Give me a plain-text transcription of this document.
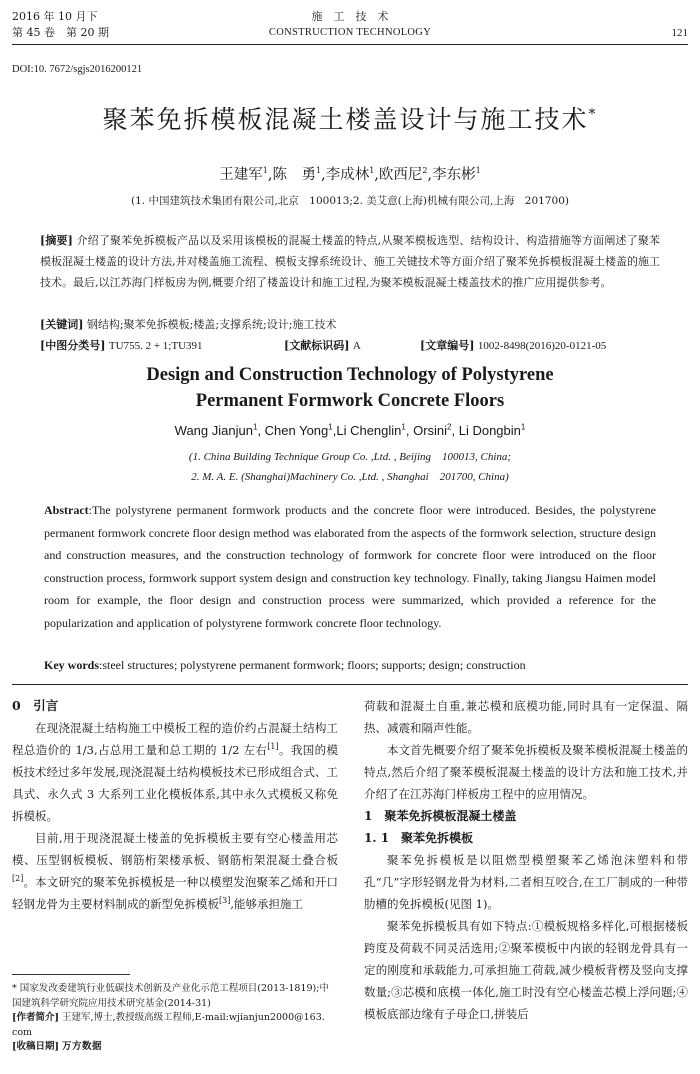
2016 年 10 月下
第 45 卷　第 20 期
施　工　技　术
CONSTRUCTION TECHNOLOGY	121
DOI:10. 7672/sgjs2016200121
聚苯免拆模板混凝土楼盖设计与施工技术*
王建军$^1$,陈　勇$^1$,李成林$^1$,欧西尼$^2$,李东彬$^1$
(1. 中国建筑技术集团有限公司,北京　100013;2. 美艾意(上海)机械有限公司,上海　201700)
[摘要] 介绍了聚苯免拆模板产品以及采用该模板的混凝土楼盖的特点,从聚苯模板选型、结构设计、构造措施等方面阐述了聚苯模板混凝土楼盖的设计方法,并对楼盖施工流程、模板支撑系统设计、施工关键技术等方面介绍了聚苯免拆模板混凝土楼盖的施工技术。最后,以江苏海门样板房为例,概要介绍了楼盖设计和施工过程,为聚苯模板混凝土楼盖技术的推广应用提供参考。
[关键词] 钢结构;聚苯免拆模板;楼盖;支撑系统;设计;施工技术
[中图分类号] TU755. 2 + 1;TU391	[文献标识码] A	[文章编号] 1002-8498(2016)20-0121-05
Design and Construction Technology of Polystyrene
Permanent Formwork Concrete Floors
Wang Jianjun$^1$, Chen Yong$^1$,Li Chenglin$^1$, Orsini$^2$, Li Dongbin$^1$
(1. China Building Technique Group Co. ,Ltd. , Beijing　100013, China;
2. M. A. E. (Shanghai)Machinery Co. ,Ltd. , Shanghai　201700, China)
Abstract:The polystyrene permanent formwork products and the concrete floor were introduced. Besides, the polystyrene permanent formwork concrete floor design method was elaborated from the aspects of the formwork selection, structure design and construction measures, and the construction technology of formwork for concrete floor were introduced on the floor construction process, formwork support system design and construction key technology. Finally, taking Jiangsu Haimen model room for example, the floor design and construction process were summarized, which provided a reference for the popularization and application of polystyrene formwork concrete floor technology.
Key words:steel structures; polystyrene permanent formwork; floors; supports; design; construction

0　引言

在现浇混凝土结构施工中模板工程的造价约占混凝土结构工程总造价的 1/3,占总用工量和总工期的 1/2 左右[1]。我国的模板技术经过多年发展,现浇混凝土结构模板技术已形成组合式、工具式、永久式 3 大系列工业化模板体系,其中永久式模板又称免拆模板。

目前,用于现浇混凝土楼盖的免拆模板主要有空心楼盖用芯模、压型钢板模板、钢筋桁架楼承板、钢筋桁架混凝土叠合板[2]。本文研究的聚苯免拆模板是一种以模塑发泡聚苯乙烯和开口轻钢龙骨为主要材料制成的新型免拆模板[3],能够承担施工

* 国家发改委建筑行业低碳技术创新及产业化示范工程项目(2013-1819);中国建筑科学研究院应用技术研究基金(2014-31)
[作者简介] 王建军,博士,教授级高级工程师,E-mail:wjianjun2000@163. com
[收稿日期] 万方数据

荷载和混凝土自重,兼芯模和底模功能,同时具有一定保温、隔热、减震和隔声性能。

本文首先概要介绍了聚苯免拆模板及聚苯模板混凝土楼盖的特点,然后介绍了聚苯模板混凝土楼盖的设计方法和施工技术,并介绍了在江苏海门样板房工程中的应用情况。

1　聚苯免拆模板混凝土楼盖

1. 1　聚苯免拆模板

聚苯免拆模板是以阻燃型模塑聚苯乙烯泡沫塑料和带孔“几”字形轻钢龙骨为材料,二者相互咬合,在工厂制成的一种带肋槽的免拆模板(见图 1)。

聚苯免拆模板具有如下特点:①模板规格多样化,可根据楼板跨度及荷载不同灵活选用;②聚苯模板中内嵌的轻钢龙骨具有一定的刚度和承载能力,可承担施工荷载,减少模板背楞及竖向支撑数量;③芯模和底模一体化,施工时没有空心楼盖芯模上浮问题;④模板底部边缘有子母企口,拼装后
